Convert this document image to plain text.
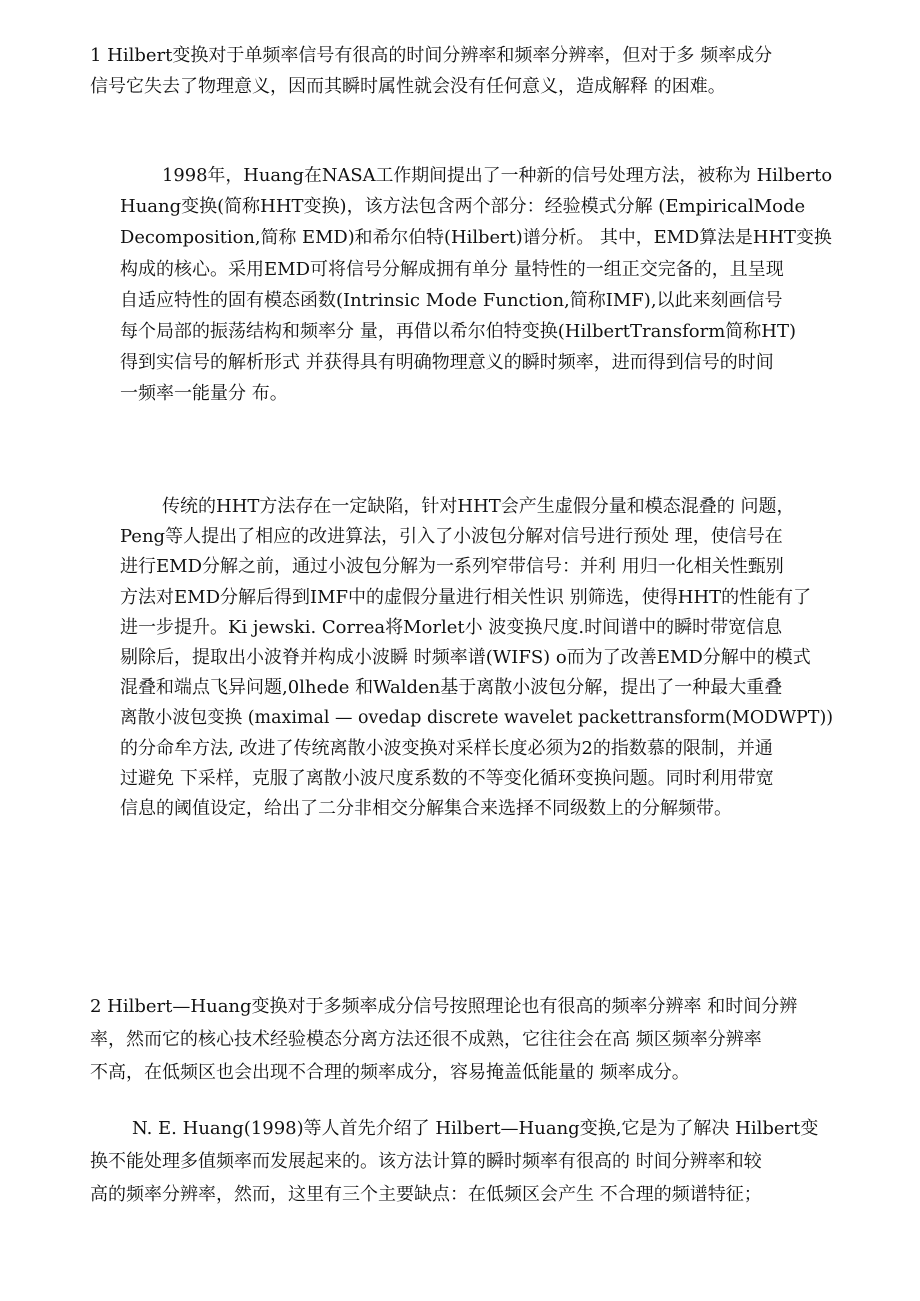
1 Hilbert变换对于单频率信号有很高的时间分辨率和频率分辨率，但对于多 频率成分
信号它失去了物理意义，因而其瞬时属性就会没有任何意义，造成解释 的困难。

1998年，Huang在NASA工作期间提出了一种新的信号处理方法，被称为 Hilberto
Huang变换(简称HHT变换)，该方法包含两个部分：经验模式分解 (EmpiricalMode
Decomposition,简称 EMD)和希尔伯特(Hilbert)谱分析。 其中，EMD算法是HHT变换
构成的核心。采用EMD可将信号分解成拥有单分 量特性的一组正交完备的，且呈现
自适应特性的固有模态函数(Intrinsic Mode Function,简称IMF),以此来刻画信号
每个局部的振荡结构和频率分 量，再借以希尔伯特变换(HilbertTransform简称HT)
得到实信号的解析形式 并获得具有明确物理意义的瞬时频率，进而得到信号的时间
一频率一能量分 布。

传统的HHT方法存在一定缺陷，针对HHT会产生虚假分量和模态混叠的 问题，
Peng等人提出了相应的改进算法，引入了小波包分解对信号进行预处 理，使信号在
进行EMD分解之前，通过小波包分解为一系列窄带信号：并利 用归一化相关性甄别
方法对EMD分解后得到IMF中的虚假分量进行相关性识 别筛选，使得HHT的性能有了
进一步提升。Ki jewski. Correa将Morlet小 波变换尺度.时间谱中的瞬时带宽信息
剔除后，提取出小波脊并构成小波瞬 时频率谱(WIFS) o而为了改善EMD分解中的模式
混叠和端点飞异问题,0lhede 和Walden基于离散小波包分解，提出了一种最大重叠
离散小波包变换 (maximal — ovedap discrete wavelet packettransform(MODWPT))
的分命牟方法, 改进了传统离散小波变换对采样长度必须为2的指数慕的限制，并通
过避免 下采样，克服了离散小波尺度系数的不等变化循环变换问题。同时利用带宽
信息的阈值设定，给出了二分非相交分解集合来选择不同级数上的分解频带。

2 Hilbert—Huang变换对于多频率成分信号按照理论也有很高的频率分辨率 和时间分辨
率，然而它的核心技术经验模态分离方法还很不成熟，它往往会在高 频区频率分辨率
不高，在低频区也会出现不合理的频率成分，容易掩盖低能量的 频率成分。

N. E. Huang(1998)等人首先介绍了 Hilbert—Huang变换,它是为了解决 Hilbert变
换不能处理多值频率而发展起来的。该方法计算的瞬时频率有很高的 时间分辨率和较
高的频率分辨率，然而，这里有三个主要缺点：在低频区会产生 不合理的频谱特征；
